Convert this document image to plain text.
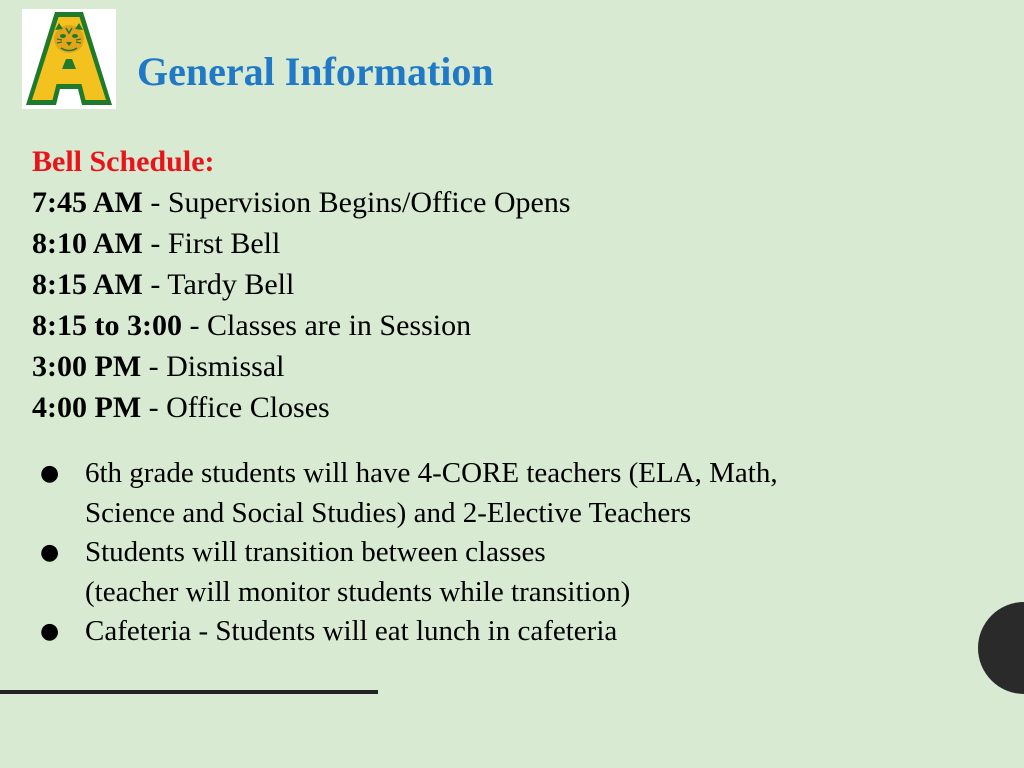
General Information
Bell Schedule:
7:45 AM - Supervision Begins/Office Opens
8:10 AM - First Bell
8:15 AM - Tardy Bell
8:15 to 3:00 - Classes are in Session
3:00 PM - Dismissal
4:00 PM - Office Closes
● 6th grade students will have 4-CORE teachers (ELA, Math,
Science and Social Studies) and 2-Elective Teachers
● Students will transition between classes
(teacher will monitor students while transition)
● Cafeteria - Students will eat lunch in cafeteria
